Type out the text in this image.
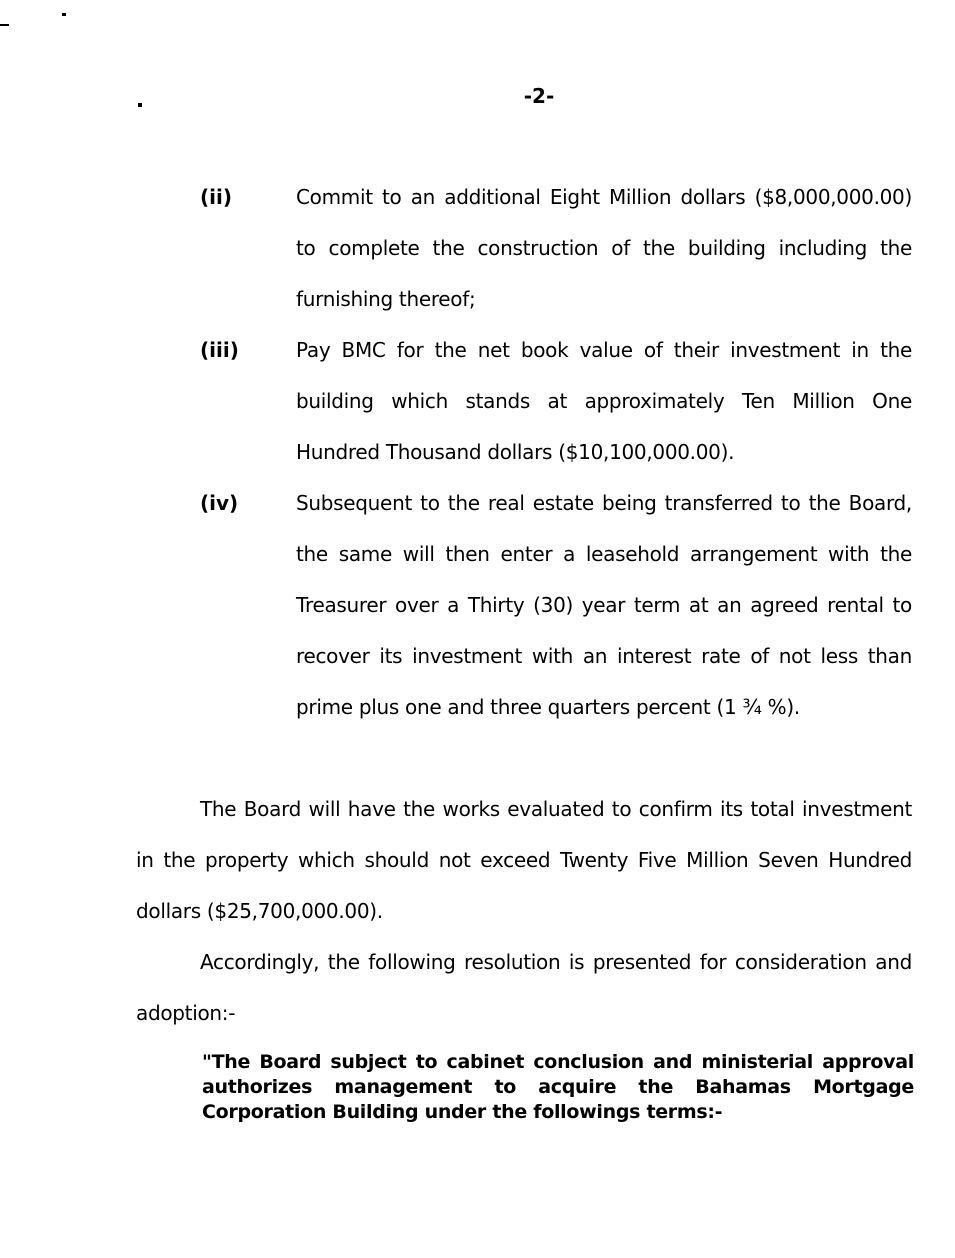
-2-
(ii)	Commit to an additional Eight Million dollars ($8,000,000.00) to complete the construction of the building including the furnishing thereof;
(iii)	Pay BMC for the net book value of their investment in the building which stands at approximately Ten Million One Hundred Thousand dollars ($10,100,000.00).
(iv)	Subsequent to the real estate being transferred to the Board, the same will then enter a leasehold arrangement with the Treasurer over a Thirty (30) year term at an agreed rental to recover its investment with an interest rate of not less than prime plus one and three quarters percent (1 ¾ %).
The Board will have the works evaluated to confirm its total investment in the property which should not exceed Twenty Five Million Seven Hundred dollars ($25,700,000.00).
Accordingly, the following resolution is presented for consideration and adoption:-
"The Board subject to cabinet conclusion and ministerial approval authorizes management to acquire the Bahamas Mortgage Corporation Building under the followings terms:-
